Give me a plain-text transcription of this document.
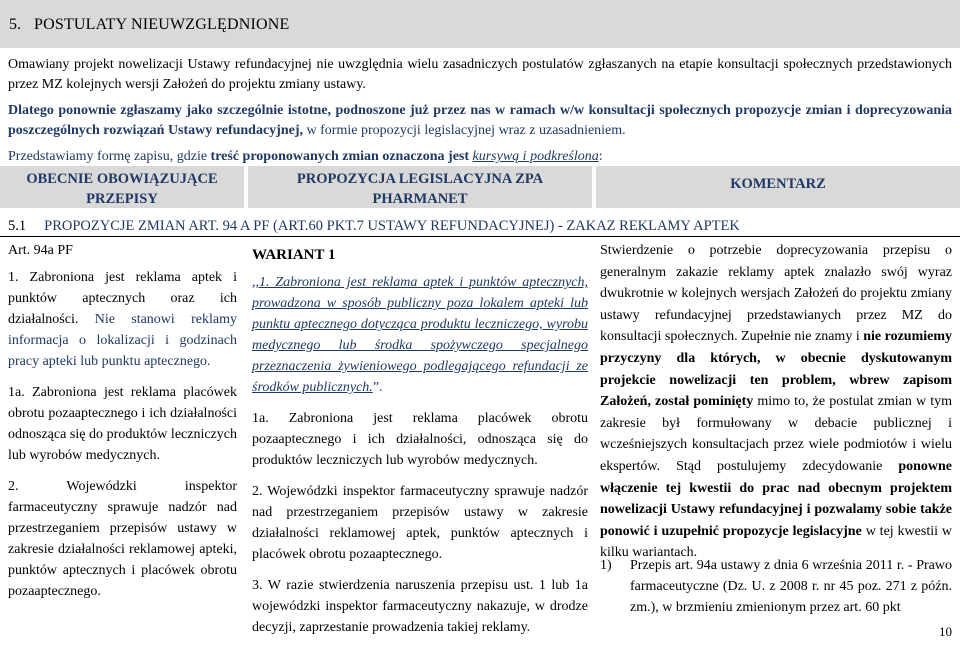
5. POSTULATY NIEUWZGLĘDNIONE

Omawiany projekt nowelizacji Ustawy refundacyjnej nie uwzględnia wielu zasadniczych postulatów zgłaszanych na etapie konsultacji społecznych przedstawionych przez MZ kolejnych wersji Założeń do projektu zmiany ustawy.

Dlatego ponownie zgłaszamy jako szczególnie istotne, podnoszone już przez nas w ramach w/w konsultacji społecznych propozycje zmian i doprecyzowania poszczególnych rozwiązań Ustawy refundacyjnej, w formie propozycji legislacyjnej wraz z uzasadnieniem.

Przedstawiamy formę zapisu, gdzie treść proponowanych zmian oznaczona jest kursywą i podkreślona:

OBECNIE OBOWIĄZUJĄCE PRZEPISY
PROPOZYCJA LEGISLACYJNA ZPA PHARMANET
KOMENTARZ
5.1 PROPOZYCJE ZMIAN ART. 94 A PF (ART.60 PKT.7 USTAWY REFUNDACYJNEJ) - ZAKAZ REKLAMY APTEK

Art. 94a PF

1. Zabroniona jest reklama aptek i punktów aptecznych oraz ich działalności. Nie stanowi reklamy informacja o lokalizacji i godzinach pracy apteki lub punktu aptecznego.

1a. Zabroniona jest reklama placówek obrotu pozaaptecznego i ich działalności odnosząca się do produktów leczniczych lub wyrobów medycznych.

2. Wojewódzki inspektor farmaceutyczny sprawuje nadzór nad przestrzeganiem przepisów ustawy w zakresie działalności reklamowej apteki, punktów aptecznych i placówek obrotu pozaaptecznego.

WARIANT 1

,,1. Zabroniona jest reklama aptek i punktów aptecznych, prowadzona w sposób publiczny poza lokalem apteki lub punktu aptecznego dotycząca produktu leczniczego, wyrobu medycznego lub środka spożywczego specjalnego przeznaczenia żywieniowego podlegającego refundacji ze środków publicznych.”.

1a. Zabroniona jest reklama placówek obrotu pozaaptecznego i ich działalności, odnosząca się do produktów leczniczych lub wyrobów medycznych.

2. Wojewódzki inspektor farmaceutyczny sprawuje nadzór nad przestrzeganiem przepisów ustawy w zakresie działalności reklamowej aptek, punktów aptecznych i placówek obrotu pozaaptecznego.

3. W razie stwierdzenia naruszenia przepisu ust. 1 lub 1a wojewódzki inspektor farmaceutyczny nakazuje, w drodze decyzji, zaprzestanie prowadzenia takiej reklamy.

Stwierdzenie o potrzebie doprecyzowania przepisu o generalnym zakazie reklamy aptek znalazło swój wyraz dwukrotnie w kolejnych wersjach Założeń do projektu zmiany ustawy refundacyjnej przedstawianych przez MZ do konsultacji społecznych. Zupełnie nie znamy i nie rozumiemy przyczyny dla których, w obecnie dyskutowanym projekcie nowelizacji ten problem, wbrew zapisom Założeń, został pominięty mimo to, że postulat zmian w tym zakresie był formułowany w debacie publicznej i wcześniejszych konsultacjach przez wiele podmiotów i wielu ekspertów. Stąd postulujemy zdecydowanie ponowne włączenie tej kwestii do prac nad obecnym projektem nowelizacji Ustawy refundacyjnej i pozwalamy sobie także ponowić i uzupełnić propozycje legislacyjne w tej kwestii w kilku wariantach.

1) Przepis art. 94a ustawy z dnia 6 września 2011 r. - Prawo farmaceutyczne (Dz. U. z 2008 r. nr 45 poz. 271 z późn. zm.), w brzmieniu zmienionym przez art. 60 pkt
10
